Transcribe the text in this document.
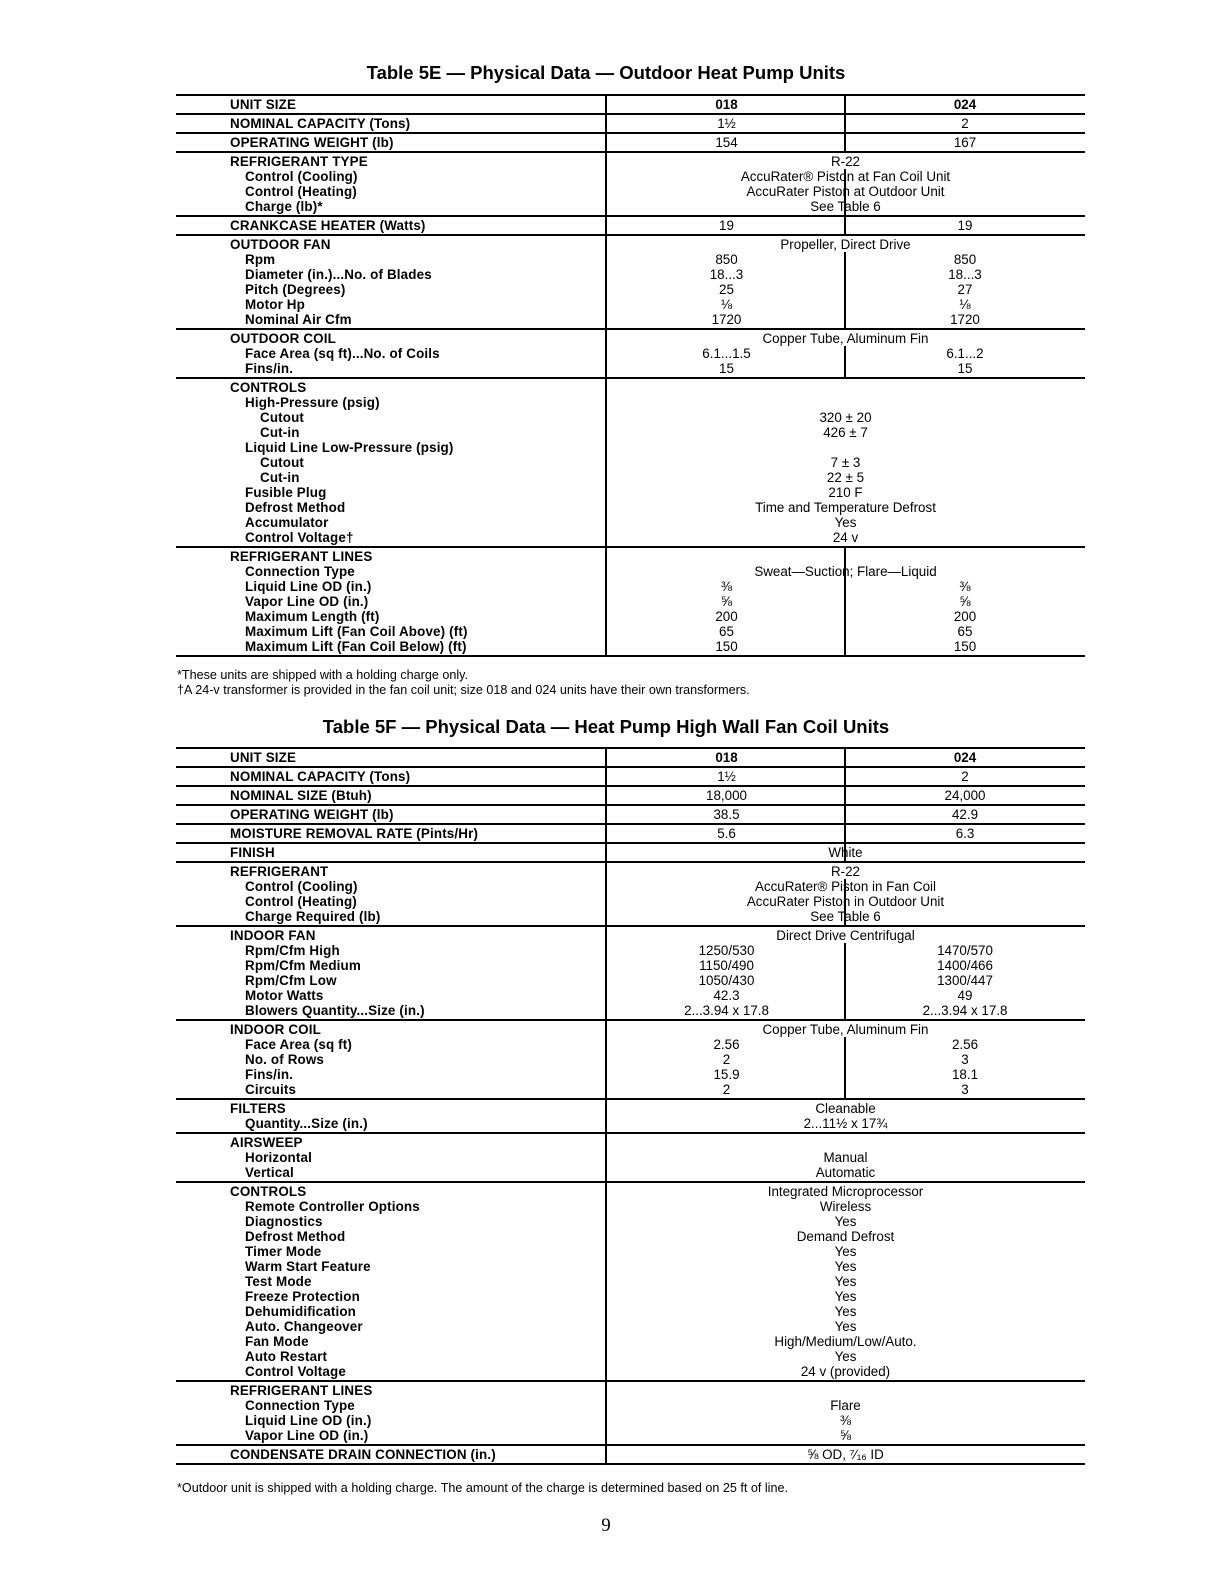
Table 5E — Physical Data — Outdoor Heat Pump Units
UNIT SIZE	018	024
NOMINAL CAPACITY (Tons)	1½	2
OPERATING WEIGHT (lb)	154	167
REFRIGERANT TYPE	R-22
Control (Cooling)	AccuRater® Piston at Fan Coil Unit
Control (Heating)	AccuRater Piston at Outdoor Unit
Charge (lb)*	See Table 6
CRANKCASE HEATER (Watts)	19	19
OUTDOOR FAN	Propeller, Direct Drive
Rpm	850	850
Diameter (in.)...No. of Blades	18...3	18...3
Pitch (Degrees)	25	27
Motor Hp	⅛	⅛
Nominal Air Cfm	1720	1720
OUTDOOR COIL	Copper Tube, Aluminum Fin
Face Area (sq ft)...No. of Coils	6.1...1.5	6.1...2
Fins/in.	15	15
CONTROLS
High-Pressure (psig)
Cutout	320 ± 20
Cut-in	426 ± 7
Liquid Line Low-Pressure (psig)
Cutout	7 ± 3
Cut-in	22 ± 5
Fusible Plug	210 F
Defrost Method	Time and Temperature Defrost
Accumulator	Yes
Control Voltage†	24 v
REFRIGERANT LINES
Connection Type	Sweat—Suction; Flare—Liquid
Liquid Line OD (in.)	⅜	⅜
Vapor Line OD (in.)	⅝	⅝
Maximum Length (ft)	200	200
Maximum Lift (Fan Coil Above) (ft)	65	65
Maximum Lift (Fan Coil Below) (ft)	150	150
*These units are shipped with a holding charge only.
†A 24-v transformer is provided in the fan coil unit; size 018 and 024 units have their own transformers.
Table 5F — Physical Data — Heat Pump High Wall Fan Coil Units
UNIT SIZE	018	024
NOMINAL CAPACITY (Tons)	1½	2
NOMINAL SIZE (Btuh)	18,000	24,000
OPERATING WEIGHT (lb)	38.5	42.9
MOISTURE REMOVAL RATE (Pints/Hr)	5.6	6.3
FINISH	White
REFRIGERANT	R-22
Control (Cooling)	AccuRater® Piston in Fan Coil
Control (Heating)	AccuRater Piston in Outdoor Unit
Charge Required (lb)	See Table 6
INDOOR FAN	Direct Drive Centrifugal
Rpm/Cfm High	1250/530	1470/570
Rpm/Cfm Medium	1150/490	1400/466
Rpm/Cfm Low	1050/430	1300/447
Motor Watts	42.3	49
Blowers Quantity...Size (in.)	2...3.94 x 17.8	2...3.94 x 17.8
INDOOR COIL	Copper Tube, Aluminum Fin
Face Area (sq ft)	2.56	2.56
No. of Rows	2	3
Fins/in.	15.9	18.1
Circuits	2	3
FILTERS	Cleanable
Quantity...Size (in.)	2...11½ x 17¾
AIRSWEEP
Horizontal	Manual
Vertical	Automatic
CONTROLS	Integrated Microprocessor
Remote Controller Options	Wireless
Diagnostics	Yes
Defrost Method	Demand Defrost
Timer Mode	Yes
Warm Start Feature	Yes
Test Mode	Yes
Freeze Protection	Yes
Dehumidification	Yes
Auto. Changeover	Yes
Fan Mode	High/Medium/Low/Auto.
Auto Restart	Yes
Control Voltage	24 v (provided)
REFRIGERANT LINES
Connection Type	Flare
Liquid Line OD (in.)	⅜
Vapor Line OD (in.)	⅝
CONDENSATE DRAIN CONNECTION (in.)	⅝ OD, ⁷⁄₁₆ ID
*Outdoor unit is shipped with a holding charge. The amount of the charge is determined based on 25 ft of line.
9
